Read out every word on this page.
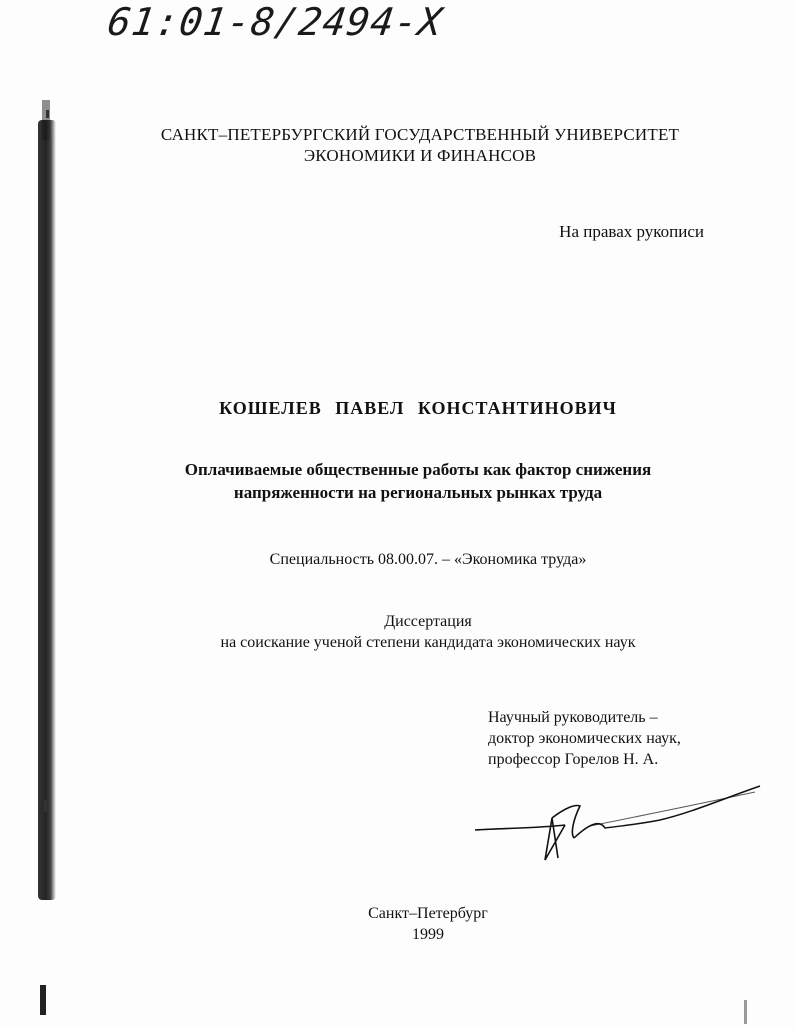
61:01-8/2494-X
САНКТ–ПЕТЕРБУРГСКИЙ ГОСУДАРСТВЕННЫЙ УНИВЕРСИТЕТ
ЭКОНОМИКИ И ФИНАНСОВ
На правах рукописи
КОШЕЛЕВ ПАВЕЛ КОНСТАНТИНОВИЧ
Оплачиваемые общественные работы как фактор снижения
напряженности на региональных рынках труда
Специальность 08.00.07. – «Экономика труда»
Диссертация
на соискание ученой степени кандидата экономических наук
Научный руководитель –
доктор экономических наук,
профессор Горелов Н. А.
Санкт–Петербург
1999
